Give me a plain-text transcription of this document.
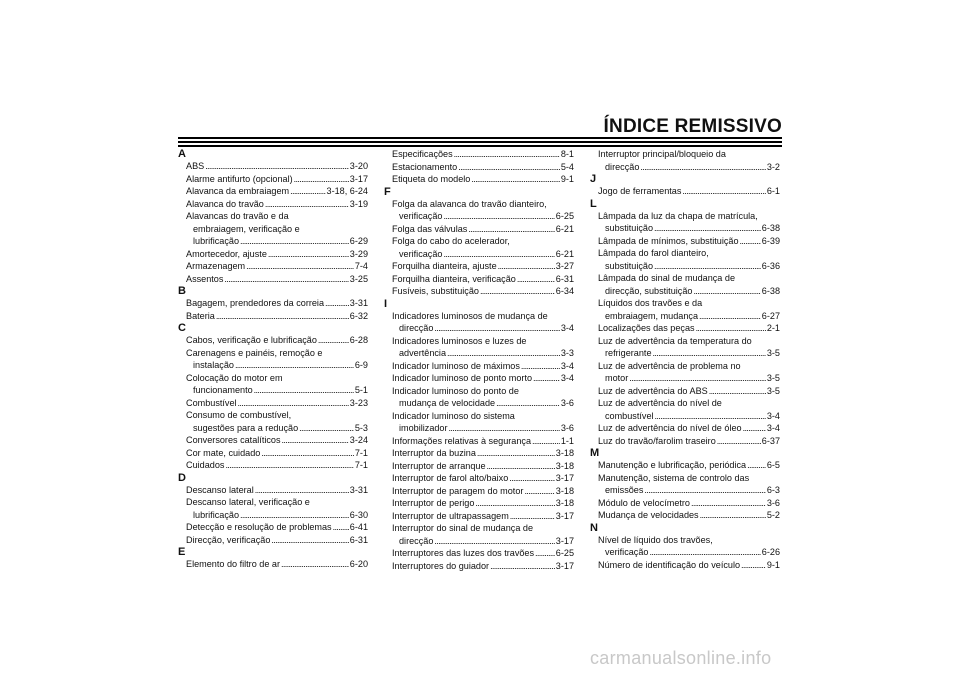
ÍNDICE REMISSIVO
A
ABS . . .	3-20
Alarme antifurto (opcional) . . .	3-17
Alavanca da embraiagem . . .	3-18, 6-24
Alavanca do travão . . .	3-19
Alavancas do travão e da
embraiagem, verificação e
lubrificação . . .	6-29
Amortecedor, ajuste . . .	3-29
Armazenagem . . .	7-4
Assentos . . .	3-25
B
Bagagem, prendedores da correia . . .	3-31
Bateria . . .	6-32
C
Cabos, verificação e lubrificação . . .	6-28
Carenagens e painéis, remoção e
instalação . . .	6-9
Colocação do motor em
funcionamento . . .	5-1
Combustível . . .	3-23
Consumo de combustível,
sugestões para a redução . . .	5-3
Conversores catalíticos . . .	3-24
Cor mate, cuidado . . .	7-1
Cuidados . . .	7-1
D
Descanso lateral . . .	3-31
Descanso lateral, verificação e
lubrificação . . .	6-30
Detecção e resolução de problemas . . . 6-41
Direcção, verificação . . .	6-31
E
Elemento do filtro de ar . . .	6-20
Especificações . . .	8-1
Estacionamento . . .	5-4
Etiqueta do modelo . . .	9-1
F
Folga da alavanca do travão dianteiro,
verificação . . .	6-25
Folga das válvulas . . .	6-21
Folga do cabo do acelerador,
verificação . . .	6-21
Forquilha dianteira, ajuste . . .	3-27
Forquilha dianteira, verificação . . .	6-31
Fusíveis, substituição . . .	6-34
I
Indicadores luminosos de mudança de
direcção . . .	3-4
Indicadores luminosos e luzes de
advertência . . .	3-3
Indicador luminoso de máximos . . .	3-4
Indicador luminoso de ponto morto . . .	3-4
Indicador luminoso do ponto de
mudança de velocidade . . .	3-6
Indicador luminoso do sistema
imobilizador . . .	3-6
Informações relativas à segurança . . .	1-1
Interruptor da buzina . . .	3-18
Interruptor de arranque . . .	3-18
Interruptor de farol alto/baixo . . .	3-17
Interruptor de paragem do motor . . .	3-18
Interruptor de perigo . . .	3-18
Interruptor de ultrapassagem . . .	3-17
Interruptor do sinal de mudança de
direcção . . .	3-17
Interruptores das luzes dos travões . . . 6-25
Interruptores do guiador . . .	3-17
Interruptor principal/bloqueio da
direcção . . .	3-2
J
Jogo de ferramentas . . .	6-1
L
Lâmpada da luz da chapa de matrícula,
substituição . . .	6-38
Lâmpada de mínimos, substituição . . .	6-39
Lâmpada do farol dianteiro,
substituição . . .	6-36
Lâmpada do sinal de mudança de
direcção, substituição . . .	6-38
Líquidos dos travões e da
embraiagem, mudança . . .	6-27
Localizações das peças . . .	2-1
Luz de advertência da temperatura do
refrigerante . . .	3-5
Luz de advertência de problema no
motor . . .	3-5
Luz de advertência do ABS . . .	3-5
Luz de advertência do nível de
combustível . . .	3-4
Luz de advertência do nível de óleo . . .	3-4
Luz do travão/farolim traseiro . . .	6-37
M
Manutenção e lubrificação, periódica . . . 6-5
Manutenção, sistema de controlo das
emissões . . .	6-3
Módulo de velocímetro . . .	3-6
Mudança de velocidades . . .	5-2
N
Nível de líquido dos travões,
verificação . . .	6-26
Número de identificação do veículo . . .	9-1
carmanualsonline.info
